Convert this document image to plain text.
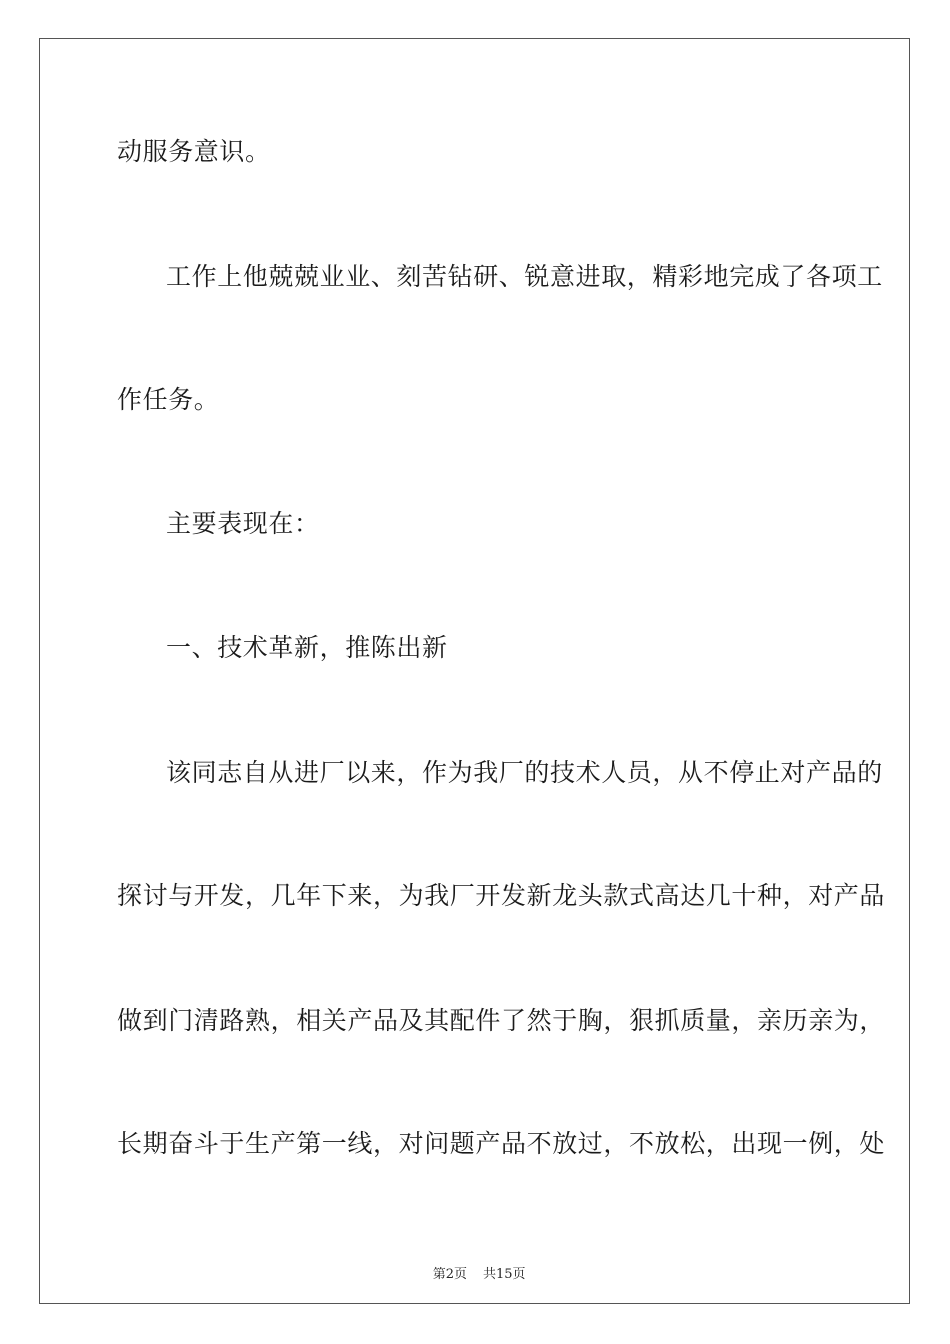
动服务意识。
工作上他兢兢业业、刻苦钻研、锐意进取，精彩地完成了各项工
作任务。
主要表现在：
一、技术革新，推陈出新
该同志自从进厂以来，作为我厂的技术人员，从不停止对产品的
探讨与开发，几年下来，为我厂开发新龙头款式高达几十种，对产品
做到门清路熟，相关产品及其配件了然于胸，狠抓质量，亲历亲为，
长期奋斗于生产第一线，对问题产品不放过，不放松，出现一例，处

第2页 共15页
